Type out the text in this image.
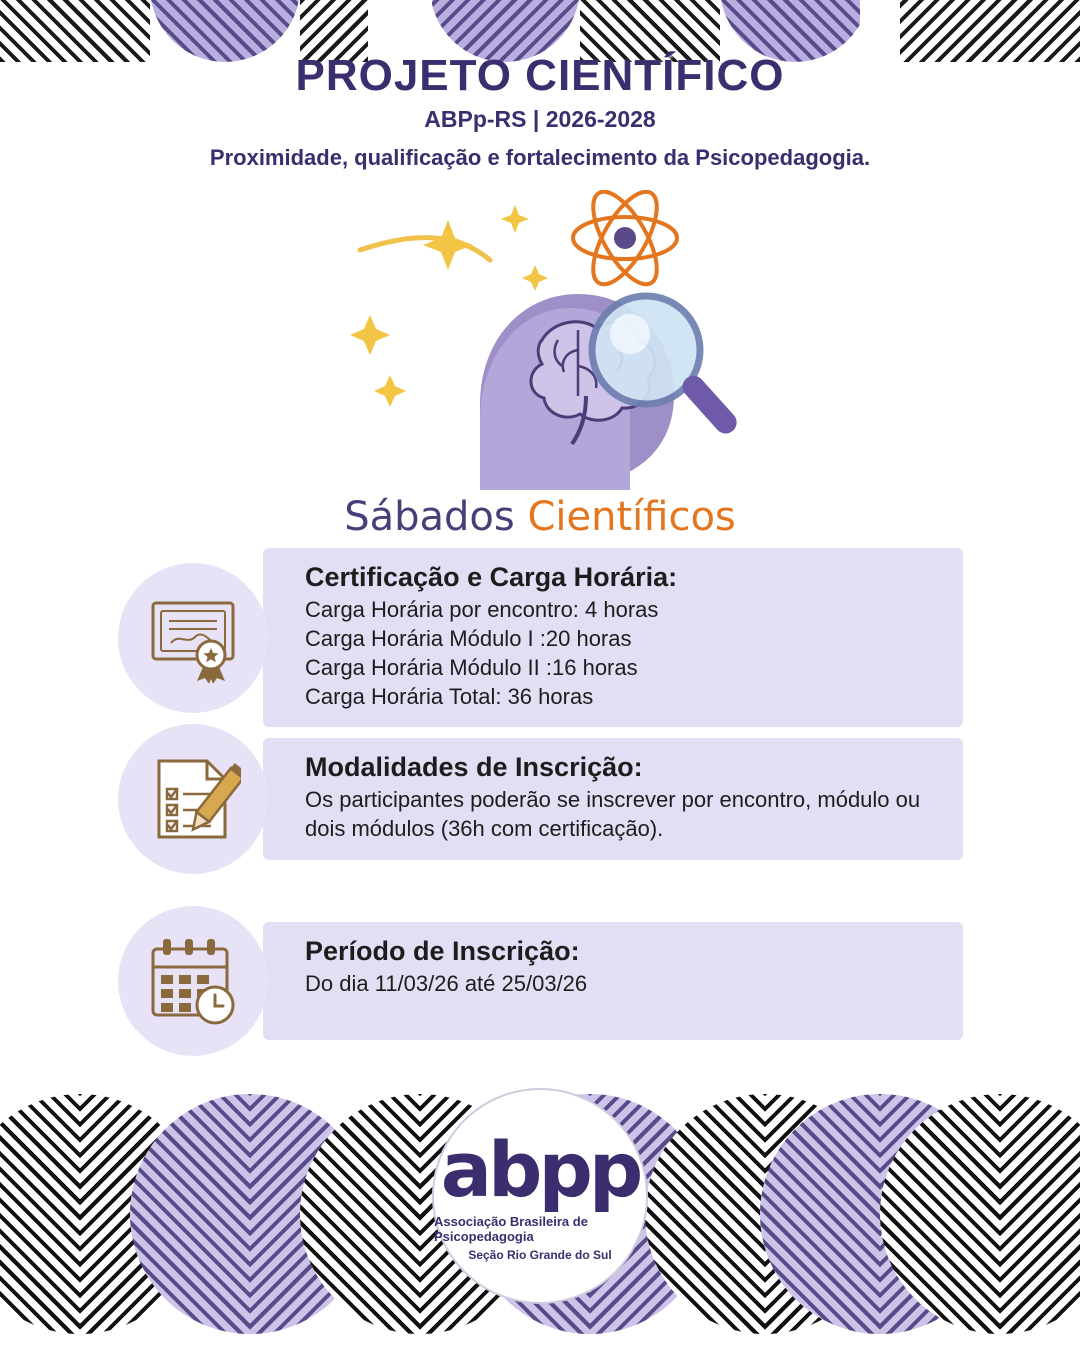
PROJETO CIENTÍFICO
ABPp-RS | 2026-2028
Proximidade, qualificação e fortalecimento da Psicopedagogia.
Sábados Científicos
Certificação e Carga Horária:
Carga Horária por encontro: 4 horas
Carga Horária Módulo I :20 horas
Carga Horária Módulo II :16 horas
Carga Horária Total: 36 horas
Modalidades de Inscrição:
Os participantes poderão se inscrever por encontro, módulo ou dois módulos (36h com certificação).
Período de Inscrição:
Do dia 11/03/26 até 25/03/26
abpp
Associação Brasileira de Psicopedagogia
Seção Rio Grande do Sul
